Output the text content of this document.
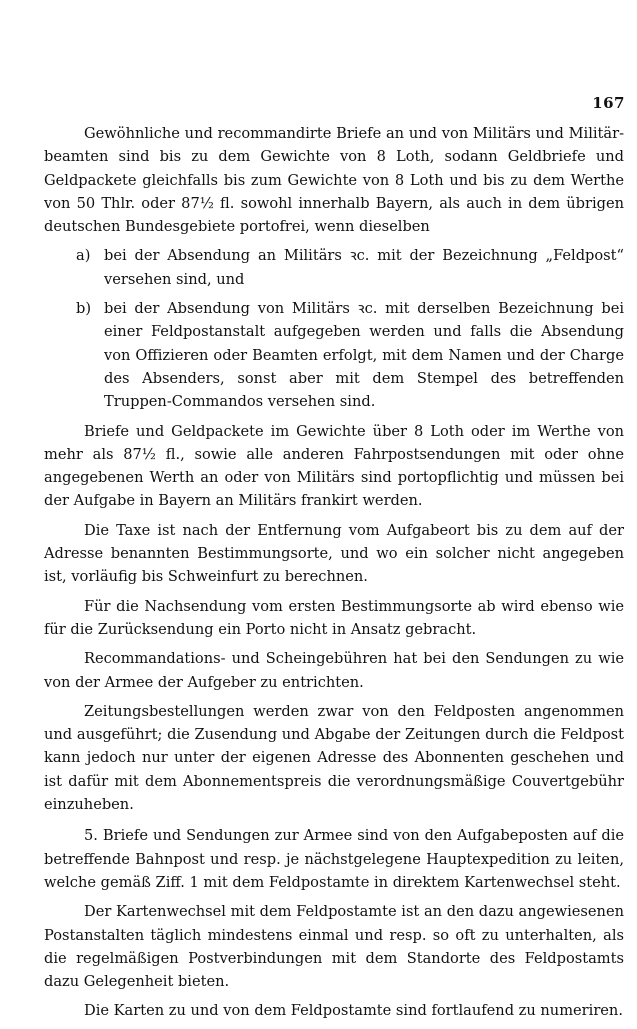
167

Gewöhnliche und recommandirte Briefe an und von Militärs und Militär-beamten sind bis zu dem Gewichte von 8 Loth, sodann Geldbriefe und Geldpackete gleichfalls bis zum Gewichte von 8 Loth und bis zu dem Werthe von 50 Thlr. oder 87½ fl. sowohl innerhalb Bayern, als auch in dem übrigen deutschen Bundesgebiete portofrei, wenn dieselben

a) bei der Absendung an Militärs ꝛc. mit der Bezeichnung „Feldpost“ versehen sind, und

b) bei der Absendung von Militärs ꝛc. mit derselben Bezeichnung bei einer Feldpostanstalt aufgegeben werden und falls die Absendung von Offizieren oder Beamten erfolgt, mit dem Namen und der Charge des Absenders, sonst aber mit dem Stempel des betreffenden Truppen-Commandos versehen sind.

Briefe und Geldpackete im Gewichte über 8 Loth oder im Werthe von mehr als 87½ fl., sowie alle anderen Fahrpostsendungen mit oder ohne angegebenen Werth an oder von Militärs sind portopflichtig und müssen bei der Aufgabe in Bayern an Militärs frankirt werden.

Die Taxe ist nach der Entfernung vom Aufgabeort bis zu dem auf der Adresse benannten Bestimmungsorte, und wo ein solcher nicht angegeben ist, vorläufig bis Schweinfurt zu berechnen.

Für die Nachsendung vom ersten Bestimmungsorte ab wird ebenso wie für die Zurücksendung ein Porto nicht in Ansatz gebracht.

Recommandations- und Scheingebühren hat bei den Sendungen zu wie von der Armee der Aufgeber zu entrichten.

Zeitungsbestellungen werden zwar von den Feldposten angenommen und ausgeführt; die Zusendung und Abgabe der Zeitungen durch die Feldpost kann jedoch nur unter der eigenen Adresse des Abonnenten geschehen und ist dafür mit dem Abonnementspreis die verordnungsmäßige Couvertgebühr einzuheben.

5. Briefe und Sendungen zur Armee sind von den Aufgabeposten auf die betreffende Bahnpost und resp. je nächstgelegene Hauptexpedition zu leiten, welche gemäß Ziff. 1 mit dem Feldpostamte in direktem Kartenwechsel steht.

Der Kartenwechsel mit dem Feldpostamte ist an den dazu angewiesenen Postanstalten täglich mindestens einmal und resp. so oft zu unterhalten, als die regelmäßigen Postverbindungen mit dem Standorte des Feldpostamts dazu Gelegenheit bieten.

Die Karten zu und von dem Feldpostamte sind fortlaufend zu numeriren.
